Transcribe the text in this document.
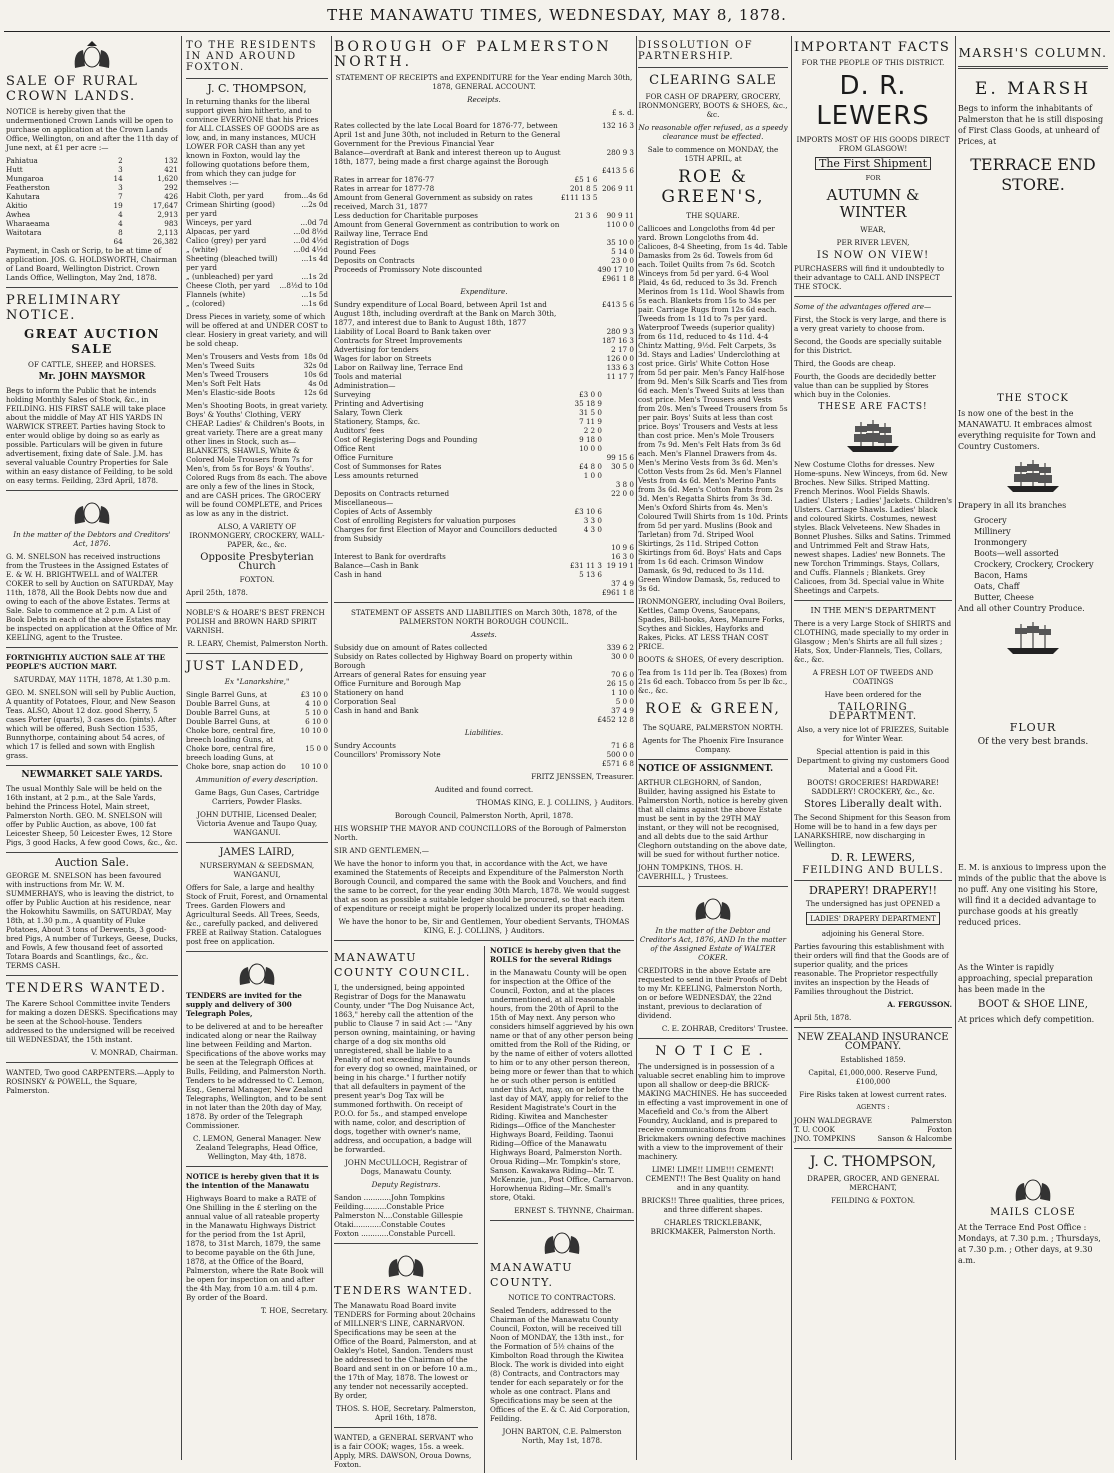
THE MANAWATU TIMES, WEDNESDAY, MAY 8, 1878.
SALE OF RURAL CROWN LANDS.

NOTICE is hereby given that the undermentioned Crown Lands will be open to purchase on application at the Crown Lands Office, Wellington, on and after the 11th day of June next, at £1 per acre :—

Pahiatua	2	132
Hutt	3	421
Mungaroa	14	1,620
Featherston	3	292
Kahutara	7	426
Akitio	19	17,647
Awhea	4	2,913
Wharaeama	4	983
Waitotara	8	2,113
	64	26,382

Payment, in Cash or Scrip, to be at time of application. JOS. G. HOLDSWORTH, Chairman of Land Board, Wellington District. Crown Lands Office, Wellington, May 2nd, 1878.

PRELIMINARY NOTICE.
GREAT AUCTION SALE

OF CATTLE, SHEEP, and HORSES.

Mr. JOHN MAYSMOR

Begs to inform the Public that he intends holding Monthly Sales of Stock, &c., in FEILDING. HIS FIRST SALE will take place about the middle of May AT HIS YARDS IN WARWICK STREET. Parties having Stock to enter would oblige by doing so as early as possible. Particulars will be given in future advertisement, fixing date of Sale. J.M. has several valuable Country Properties for Sale within an easy distance of Feilding, to be sold on easy terms. Feilding, 23rd April, 1878.

In the matter of the Debtors and Creditors' Act, 1876.

G. M. SNELSON has received instructions from the Trustees in the Assigned Estates of E. & W. H. BRIGHTWELL and of WALTER COKER to sell by Auction on SATURDAY, May 11th, 1878, All the Book Debts now due and owing to each of the above Estates. Terms at Sale. Sale to commence at 2 p.m. A List of Book Debts in each of the above Estates may be inspected on application at the Office of Mr. KEELING, agent to the Trustee.

FORTNIGHTLY AUCTION SALE AT THE PEOPLE'S AUCTION MART.

SATURDAY, MAY 11TH, 1878, At 1.30 p.m.

GEO. M. SNELSON will sell by Public Auction, A quantity of Potatoes, Flour, and New Season Teas. ALSO, About 12 doz. good Sherry, 5 cases Porter (quarts), 3 cases do. (pints). After which will be offered, Bush Section 1535, Bunnythorpe, containing about 54 acres, of which 17 is felled and sown with English grass.

NEWMARKET SALE YARDS.

The usual Monthly Sale will be held on the 16th instant, at 2 p.m., at the Sale Yards, behind the Princess Hotel, Main street, Palmerston North. GEO. M. SNELSON will offer by Public Auction, as above, 100 fat Leicester Sheep, 50 Leicester Ewes, 12 Store Pigs, 3 good Hacks, A few good Cows, &c., &c.

Auction Sale.

GEORGE M. SNELSON has been favoured with instructions from Mr. W. M. SUMMERHAYS, who is leaving the district, to offer by Public Auction at his residence, near the Hokowhitu Sawmills, on SATURDAY, May 18th, at 1.30 p.m., A quantity of Fluke Potatoes, About 3 tons of Derwents, 3 good-bred Pigs, A number of Turkeys, Geese, Ducks, and Fowls, A few thousand feet of assorted Totara Boards and Scantlings, &c., &c. TERMS CASH.

TENDERS WANTED.

The Karere School Committee invite Tenders for making a dozen DESKS. Specifications may be seen at the School-house. Tenders addressed to the undersigned will be received till WEDNESDAY, the 15th instant.

V. MONRAD, Chairman.

WANTED, Two good CARPENTERS.—Apply to ROSINSKY & POWELL, the Square, Palmerston.

TO THE RESIDENTS IN AND AROUND FOXTON.

J. C. THOMPSON,

In returning thanks for the liberal support given him hitherto, and to convince EVERYONE that his Prices for ALL CLASSES OF GOODS are as low, and, in many instances, MUCH LOWER FOR CASH than any yet known in Foxton, would lay the following quotations before them, from which they can judge for themselves :—

Habit Cloth, per yard	from...4s 6d
Crimean Shirting (good) per yard	...2s 0d
Winceys, per yard	...0d 7d
Alpacas, per yard	...0d 8½d
Calico (grey) per yard	...0d 4½d
„ (white)	...0d 4½d
Sheeting (bleached twill) per yard	...1s 4d
„ (unbleached) per yard	...1s 2d
Cheese Cloth, per yard	...8½d to 10d
Flannels (white)	...1s 5d
„ (colored)	...1s 6d

Dress Pieces in variety, some of which will be offered at and UNDER COST to clear. Hosiery in great variety, and will be sold cheap.

Men's Trousers and Vests from	18s 0d
Men's Tweed Suits	32s 0d
Men's Tweed Trousers	10s 6d
Men's Soft Felt Hats	4s 0d
Men's Elastic-side Boots	12s 6d

Men's Shooting Boots, in great variety. Boys' & Youths' Clothing, VERY CHEAP. Ladies' & Children's Boots, in great variety. There are a great many other lines in Stock, such as— BLANKETS, SHAWLS, White & Colored Mole Trousers from 7s for Men's, from 5s for Boys' & Youths'. Colored Rugs from 8s each. The above are only a few of the lines in Stock, and are CASH prices. The GROCERY will be found COMPLETE, and Prices as low as any in the district.

ALSO, A VARIETY OF IRONMONGERY, CROCKERY, WALL-PAPER, &c., &c.

Opposite Presbyterian Church

FOXTON.

April 25th, 1878.

NOBLE'S & HOARE'S BEST FRENCH POLISH and BROWN HARD SPIRIT VARNISH.

R. LEARY, Chemist, Palmerston North.

JUST LANDED,

Ex "Lanarkshire,"

Single Barrel Guns, at	£3 10 0
Double Barrel Guns, at	4 10 0
Double Barrel Guns, at	5 10 0
Double Barrel Guns, at	6 10 0
Choke bore, central fire, breech loading Guns, at	10 10 0
Choke bore, central fire, breech loading Guns, at	15 0 0
Choke bore, snap action do	10 10 0

Ammunition of every description.

Game Bags, Gun Cases, Cartridge Carriers, Powder Flasks.

JOHN DUTHIE, Licensed Dealer, Victoria Avenue and Taupo Quay, WANGANUI.

JAMES LAIRD,

NURSERYMAN & SEEDSMAN, WANGANUI,

Offers for Sale, a large and healthy Stock of Fruit, Forest, and Ornamental Trees. Garden Flowers and Agricultural Seeds. All Trees, Seeds, &c., carefully packed, and delivered FREE at Railway Station. Catalogues post free on application.

TENDERS are invited for the supply and delivery of 300 Telegraph Poles,

to be delivered at and to be hereafter indicated along or near the Railway line between Feilding and Marton. Specifications of the above works may be seen at the Telegraph Offices at Bulls, Feilding, and Palmerston North. Tenders to be addressed to C. Lemon, Esq., General Manager, New Zealand Telegraphs, Wellington, and to be sent in not later than the 20th day of May, 1878. By order of the Telegraph Commissioner.

C. LEMON, General Manager. New Zealand Telegraphs, Head Office, Wellington, May 4th, 1878.

NOTICE is hereby given that it is the intention of the Manawatu

Highways Board to make a RATE of One Shilling in the £ sterling on the annual value of all rateable property in the Manawatu Highways District for the period from the 1st April, 1878, to 31st March, 1879, the same to become payable on the 6th June, 1878, at the Office of the Board, Palmerston, where the Rate Book will be open for inspection on and after the 4th May, from 10 a.m. till 4 p.m. By order of the Board.

T. HOE, Secretary.

BOROUGH OF PALMERSTON NORTH.

STATEMENT OF RECEIPTS and EXPENDITURE for the Year ending March 30th, 1878, GENERAL ACCOUNT.

Receipts.

£ s. d.

Rates collected by the late Local Board for 1876-77, between April 1st and June 30th, not included in Return to the General Government for the Previous Financial Year		132 16 3
Balance—overdraft at Bank and interest thereon up to August 18th, 1877, being made a first charge against the Borough		280 9 3
		£413 5 6
Rates in arrear for 1876-77	£5 1 6	
Rates in arrear for 1877-78	201 8 5	206 9 11
Amount from General Government as subsidy on rates received, March 31, 1877	£111 13 5	
Less deduction for Charitable purposes	21 3 6	90 9 11
Amount from General Government as contribution to work on Railway line, Terrace End		110 0 0
Registration of Dogs		35 10 0
Pound Fees		5 14 0
Deposits on Contracts		23 0 0
Proceeds of Promissory Note discounted		490 17 10
		£961 1 8

Expenditure.

Sundry expenditure of Local Board, between April 1st and August 18th, including overdraft at the Bank on March 30th, 1877, and interest due to Bank to August 18th, 1877		£413 5 6
Liability of Local Board to Bank taken over		280 9 3
Contracts for Street Improvements		187 16 3
Advertising for tenders		2 17 0
Wages for labor on Streets		126 0 0
Labor on Railway line, Terrace End		133 6 3
Tools and material		11 17 7
Administration—		
Surveying	£3 0 0	
Printing and Advertising	35 18 9	
Salary, Town Clerk	31 5 0	
Stationery, Stamps, &c.	7 11 9	
Auditors' fees	2 2 0	
Cost of Registering Dogs and Pounding	9 18 0	
Office Rent	10 0 0	
Office Furniture		99 15 6
Cost of Summonses for Rates	£4 8 0	30 5 0
Less amounts returned	1 0 0	
		3 8 0
Deposits on Contracts returned		22 0 0
Miscellaneous—		
Copies of Acts of Assembly	£3 10 6	
Cost of enrolling Registers for valuation purposes	3 3 0	
Charges for first Election of Mayor and Councillors deducted from Subsidy	4 3 0	
		10 9 6
Interest to Bank for overdrafts		16 3 0
Balance—Cash in Bank	£31 11 3	19 19 1
Cash in hand	5 13 6	
		37 4 9
		£961 1 8

STATEMENT OF ASSETS AND LIABILITIES on March 30th, 1878, of the PALMERSTON NORTH BOROUGH COUNCIL.

Assets.

Subsidy due on amount of Rates collected	339 6 2
Subsidy on Rates collected by Highway Board on property within Borough	30 0 0
Arrears of general Rates for ensuing year	70 6 0
Office Furniture and Borough Map	26 15 0
Stationery on hand	1 10 0
Corporation Seal	5 0 0
Cash in hand and Bank	37 4 9
	£452 12 8

Liabilities.

Sundry Accounts	71 6 8
Councillors' Promissory Note	500 0 0
	£571 6 8

FRITZ JENSSEN, Treasurer.

Audited and found correct.

THOMAS KING, E. J. COLLINS, } Auditors.

Borough Council, Palmerston North, April, 1878.

HIS WORSHIP THE MAYOR AND COUNCILLORS of the Borough of Palmerston North.

SIR AND GENTLEMEN,—

We have the honor to inform you that, in accordance with the Act, we have examined the Statements of Receipts and Expenditure of the Palmerston North Borough Council, and compared the same with the Book and Vouchers, and find the same to be correct, for the year ending 30th March, 1878. We would suggest that as soon as possible a suitable ledger should be procured, so that each item of expenditure or receipt might be properly localized under its proper heading.

We have the honor to be, Sir and Gentlemen, Your obedient Servants, THOMAS KING, E. J. COLLINS, } Auditors.

MANAWATU COUNTY COUNCIL.

I, the undersigned, being appointed Registrar of Dogs for the Manawatu County, under "The Dog Nuisance Act, 1863," hereby call the attention of the public to Clause 7 in said Act :— "Any person owning, maintaining, or having charge of a dog six months old unregistered, shall be liable to a Penalty of not exceeding Five Pounds for every dog so owned, maintained, or being in his charge." I further notify that all defaulters in payment of the present year's Dog Tax will be summoned forthwith. On receipt of P.O.O. for 5s., and stamped envelope with name, color, and description of dogs, together with owner's name, address, and occupation, a badge will be forwarded.

JOHN McCULLOCH, Registrar of Dogs, Manawatu County.

Deputy Registrars.

Sandon ............John Tompkins
Feilding..........Constable Price
Palmerston N....Constable Gillespie
Otaki............Constable Coutes
Foxton ............Constable Purcell.
TENDERS WANTED.

The Manawatu Road Board invite TENDERS for Forming about 20chains of MILLNER'S LINE, CARNARVON. Specifications may be seen at the Office of the Board, Palmerston, and at Oakley's Hotel, Sandon. Tenders must be addressed to the Chairman of the Board and sent in on or before 10 a.m., the 17th of May, 1878. The lowest or any tender not necessarily accepted. By order,

THOS. S. HOE, Secretary. Palmerston, April 16th, 1878.

WANTED, a GENERAL SERVANT who is a fair COOK; wages, 15s. a week. Apply, MRS. DAWSON, Oroua Downs, Foxton.

NOTICE is hereby given that the ROLLS for the several Ridings

in the Manawatu County will be open for inspection at the Office of the Council, Foxton, and at the places undermentioned, at all reasonable hours, from the 20th of April to the 15th of May next. Any person who considers himself aggrieved by his own name or that of any other person being omitted from the Roll of the Riding, or by the name of either of voters allotted to him or to any other person thereon, being more or fewer than that to which he or such other person is entitled under this Act, may, on or before the last day of MAY, apply for relief to the Resident Magistrate's Court in the Riding. Kiwitea and Manchester Ridings—Office of the Manchester Highways Board, Feilding. Taonui Riding—Office of the Manawatu Highways Board, Palmerston North. Oroua Riding—Mr. Tompkin's store, Sanson. Kawakawa Riding—Mr. T. McKenzie, jun., Post Office, Carnarvon. Horowhenua Riding—Mr. Small's store, Otaki.

ERNEST S. THYNNE, Chairman.

MANAWATU COUNTY.

NOTICE TO CONTRACTORS.

Sealed Tenders, addressed to the Chairman of the Manawatu County Council, Foxton, will be received till Noon of MONDAY, the 13th inst., for the Formation of 5½ chains of the Kimbolton Road through the Kiwitea Block. The work is divided into eight (8) Contracts, and Contractors may tender for each separately or for the whole as one contract. Plans and Specifications may be seen at the Offices of the E. & C. Aid Corporation, Feilding.

JOHN BARTON, C.E. Palmerston North, May 1st, 1878.

DISSOLUTION OF PARTNERSHIP.

CLEARING SALE

FOR CASH OF DRAPERY, GROCERY, IRONMONGERY, BOOTS & SHOES, &c., &c.

No reasonable offer refused, as a speedy clearance must be effected.

Sale to commence on MONDAY, the 15TH APRIL, at

ROE & GREEN'S,

THE SQUARE.

Callicoes and Longcloths from 4d per yard. Brown Longcloths from 4d. Calicoes, 8-4 Sheeting, from 1s 4d. Table Damasks from 2s 6d. Towels from 6d each. Toilet Quilts from 7s 6d. Scotch Winceys from 5d per yard. 6-4 Wool Plaid, 4s 6d, reduced to 3s 3d. French Merinos from 1s 11d. Wool Shawls from 5s each. Blankets from 15s to 34s per pair. Carriage Rugs from 12s 6d each. Tweeds from 1s 11d to 7s per yard. Waterproof Tweeds (superior quality) from 6s 11d, reduced to 4s 11d. 4-4 Chintz Matting, 9½d. Felt Carpets, 3s 3d. Stays and Ladies' Underclothing at cost price. Girls' White Cotton Hose from 5d per pair. Men's Fancy Half-hose from 9d. Men's Silk Scarfs and Ties from 6d each. Men's Tweed Suits at less than cost price. Men's Trousers and Vests from 20s. Men's Tweed Trousers from 5s per pair. Boys' Suits at less than cost price. Boys' Trousers and Vests at less than cost price. Men's Mole Trousers from 7s 9d. Men's Felt Hats from 3s 6d each. Men's Flannel Drawers from 4s. Men's Merino Vests from 3s 6d. Men's Cotton Vests from 2s 6d. Men's Flannel Vests from 4s 6d. Men's Merino Pants from 3s 6d. Men's Cotton Pants from 2s 3d. Men's Regatta Shirts from 3s 3d. Men's Oxford Shirts from 4s. Men's Coloured Twill Shirts from 1s 10d. Prints from 5d per yard. Muslins (Book and Tarletan) from 7d. Striped Wool Skirtings, 2s 11d. Striped Cotton Skirtings from 6d. Boys' Hats and Caps from 1s 6d each. Crimson Window Damask, 6s 9d, reduced to 3s 11d. Green Window Damask, 5s, reduced to 3s 6d.

IRONMONGERY, including Oval Boilers, Kettles, Camp Ovens, Saucepans, Spades, Bill-hooks, Axes, Manure Forks, Scythes and Sickles, Hayforks and Rakes, Picks. AT LESS THAN COST PRICE.

BOOTS & SHOES, Of every description.

Tea from 1s 11d per lb. Tea (Boxes) from 21s 6d each. Tobacco from 5s per lb &c., &c., &c.

ROE & GREEN,

The SQUARE, PALMERSTON NORTH.

Agents for The Phoenix Fire Insurance Company.

NOTICE OF ASSIGNMENT.

ARTHUR CLEGHORN, of Sandon, Builder, having assigned his Estate to Palmerston North, notice is hereby given that all claims against the above Estate must be sent in by the 29TH MAY instant, or they will not be recognised, and all debts due to the said Arthur Cleghorn outstanding on the above date, will be sued for without further notice.

JOHN TOMPKINS, THOS. H. CAVERHILL, } Trustees.

In the matter of the Debtor and Creditor's Act, 1876, AND In the matter of the Assigned Estate of WALTER COKER.

CREDITORS in the above Estate are requested to send in their Proofs of Debt to my Mr. KEELING, Palmerston North, on or before WEDNESDAY, the 22nd instant, previous to declaration of dividend.

C. E. ZOHRAB, Creditors' Trustee.

NOTICE.

The undersigned is in possession of a valuable secret enabling him to improve upon all shallow or deep-die BRICK-MAKING MACHINES. He has succeeded in effecting a vast improvement in one of Macefield and Co.'s from the Albert Foundry, Auckland, and is prepared to receive communications from Brickmakers owning defective machines with a view to the improvement of their machinery.

LIME! LIME!! LIME!!! CEMENT! CEMENT!! The Best Quality on hand and in any quantity.

BRICKS!! Three qualities, three prices, and three different shapes.

CHARLES TRICKLEBANK, BRICKMAKER, Palmerston North.

IMPORTANT FACTS

FOR THE PEOPLE OF THIS DISTRICT.

D. R. LEWERS

IMPORTS MOST OF HIS GOODS DIRECT FROM GLASGOW!

The First Shipment

FOR

AUTUMN & WINTER

WEAR,

PER RIVER LEVEN,

IS NOW ON VIEW!

PURCHASERS will find it undoubtedly to their advantage to CALL AND INSPECT THE STOCK.

Some of the advantages offered are—

First, the Stock is very large, and there is a very great variety to choose from.

Second, the Goods are specially suitable for this District.

Third, the Goods are cheap.

Fourth, the Goods are decidedly better value than can be supplied by Stores which buy in the Colonies.

THESE ARE FACTS!

New Costume Cloths for dresses. New Home-spuns. New Winceys, from 6d. New Broches. New Silks. Striped Matting. French Merinos. Wool Fields Shawls. Ladies' Ulsters ; Ladies' Jackets. Children's Ulsters. Carriage Shawls. Ladies' black and coloured Skirts. Costumes, newest styles. Black Velveteens. New Shades in Bonnet Plushes. Silks and Satins. Trimmed and Untrimmed Felt and Straw Hats, newest shapes. Ladies' new Bonnets. The new Torchon Trimmings. Stays, Collars, and Cuffs. Flannels ; Blankets. Grey Calicoes, from 3d. Special value in White Sheetings and Carpets.

IN THE MEN'S DEPARTMENT

There is a very Large Stock of SHIRTS and CLOTHING, made specially to my order in Glasgow ; Men's Shirts are all full sizes ; Hats, Sox, Under-Flannels, Ties, Collars, &c., &c.

A FRESH LOT OF TWEEDS AND COATINGS

Have been ordered for the

TAILORING DEPARTMENT.

Also, a very nice lot of FRIEZES, Suitable for Winter Wear.

Special attention is paid in this Department to giving my customers Good Material and a Good Fit.

BOOTS! GROCERIES! HARDWARE! SADDLERY! CROCKERY, &c., &c.

Stores Liberally dealt with.

The Second Shipment for this Season from Home will be to hand in a few days per LANARKSHIRE, now discharging in Wellington.

D. R. LEWERS,

FEILDING AND BULLS.

DRAPERY! DRAPERY!!

The undersigned has just OPENED a

LADIES' DRAPERY DEPARTMENT

adjoining his General Store.

Parties favouring this establishment with their orders will find that the Goods are of superior quality, and the prices reasonable. The Proprietor respectfully invites an inspection by the Heads of Families throughout the District.

A. FERGUSSON.

April 5th, 1878.

NEW ZEALAND INSURANCE COMPANY.

Established 1859.

Capital, £1,000,000. Reserve Fund, £100,000

Fire Risks taken at lowest current rates.

AGENTS :

JOHN WALDEGRAVE	Palmerston
T. U. COOK	Foxton
JNO. TOMPKINS	Sanson & Halcombe

J. C. THOMPSON,

DRAPER, GROCER, AND GENERAL MERCHANT,

FEILDING & FOXTON.

MARSH'S COLUMN.
E. MARSH

Begs to inform the inhabitants of Palmerston that he is still disposing of First Class Goods, at unheard of Prices, at

TERRACE END STORE.

THE STOCK

Is now one of the best in the MANAWATU. It embraces almost everything requisite for Town and Country Customers.

Drapery in all its branches

Grocery
Millinery
Ironmongery
Boots—well assorted
Crockery, Crockery, Crockery
Bacon, Hams
Oats, Chaff
Butter, Cheese

And all other Country Produce.

FLOUR

Of the very best brands.

E. M. is anxious to impress upon the minds of the public that the above is no puff. Any one visiting his Store, will find it a decided advantage to purchase goods at his greatly reduced prices.

As the Winter is rapidly approaching, special preparation has been made in the

BOOT & SHOE LINE,

At prices which defy competition.

MAILS CLOSE

At the Terrace End Post Office : Mondays, at 7.30 p.m. ; Thursdays, at 7.30 p.m. ; Other days, at 9.30 a.m.
